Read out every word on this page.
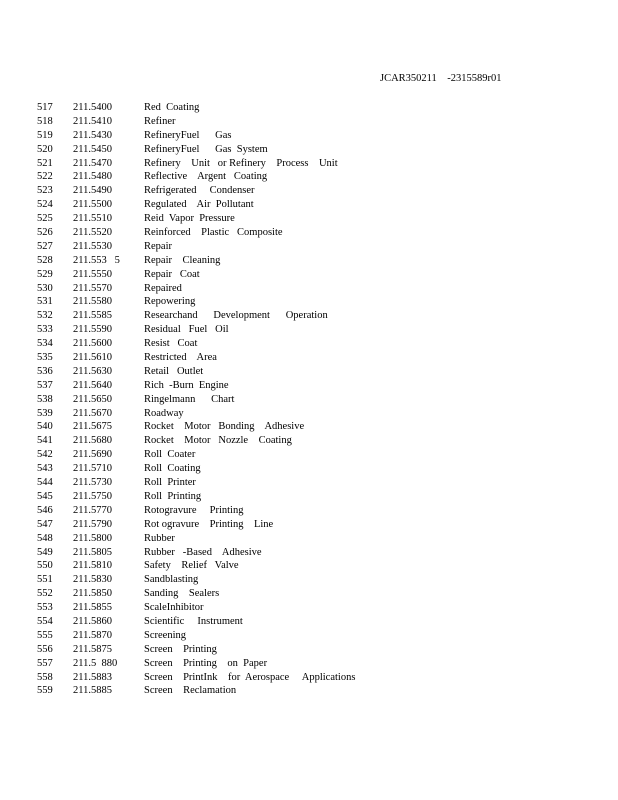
JCAR350211 -2315589r01
517	211.5400	Red  Coating
518	211.5410	Refiner
519	211.5430	RefineryFuel      Gas
520	211.5450	RefineryFuel      Gas  System
521	211.5470	Refinery    Unit   or Refinery    Process    Unit
522	211.5480	Reflective    Argent   Coating
523	211.5490	Refrigerated     Condenser
524	211.5500	Regulated    Air  Pollutant
525	211.5510	Reid  Vapor  Pressure
526	211.5520	Reinforced    Plastic   Composite
527	211.5530	Repair
528	211.553   5	Repair    Cleaning
529	211.5550	Repair   Coat
530	211.5570	Repaired
531	211.5580	Repowering
532	211.5585	Researchand      Development      Operation
533	211.5590	Residual   Fuel   Oil
534	211.5600	Resist   Coat
535	211.5610	Restricted    Area
536	211.5630	Retail   Outlet
537	211.5640	Rich  -Burn  Engine
538	211.5650	Ringelmann      Chart
539	211.5670	Roadway
540	211.5675	Rocket    Motor   Bonding    Adhesive
541	211.5680	Rocket    Motor   Nozzle    Coating
542	211.5690	Roll  Coater
543	211.5710	Roll  Coating
544	211.5730	Roll  Printer
545	211.5750	Roll  Printing
546	211.5770	Rotogravure     Printing
547	211.5790	Rot ogravure    Printing    Line
548	211.5800	Rubber
549	211.5805	Rubber   -Based    Adhesive
550	211.5810	Safety    Relief   Valve
551	211.5830	Sandblasting
552	211.5850	Sanding    Sealers
553	211.5855	ScaleInhibitor
554	211.5860	Scientific     Instrument
555	211.5870	Screening
556	211.5875	Screen    Printing
557	211.5  880	Screen    Printing    on  Paper
558	211.5883	Screen    PrintInk    for  Aerospace     Applications
559	211.5885	Screen    Reclamation
